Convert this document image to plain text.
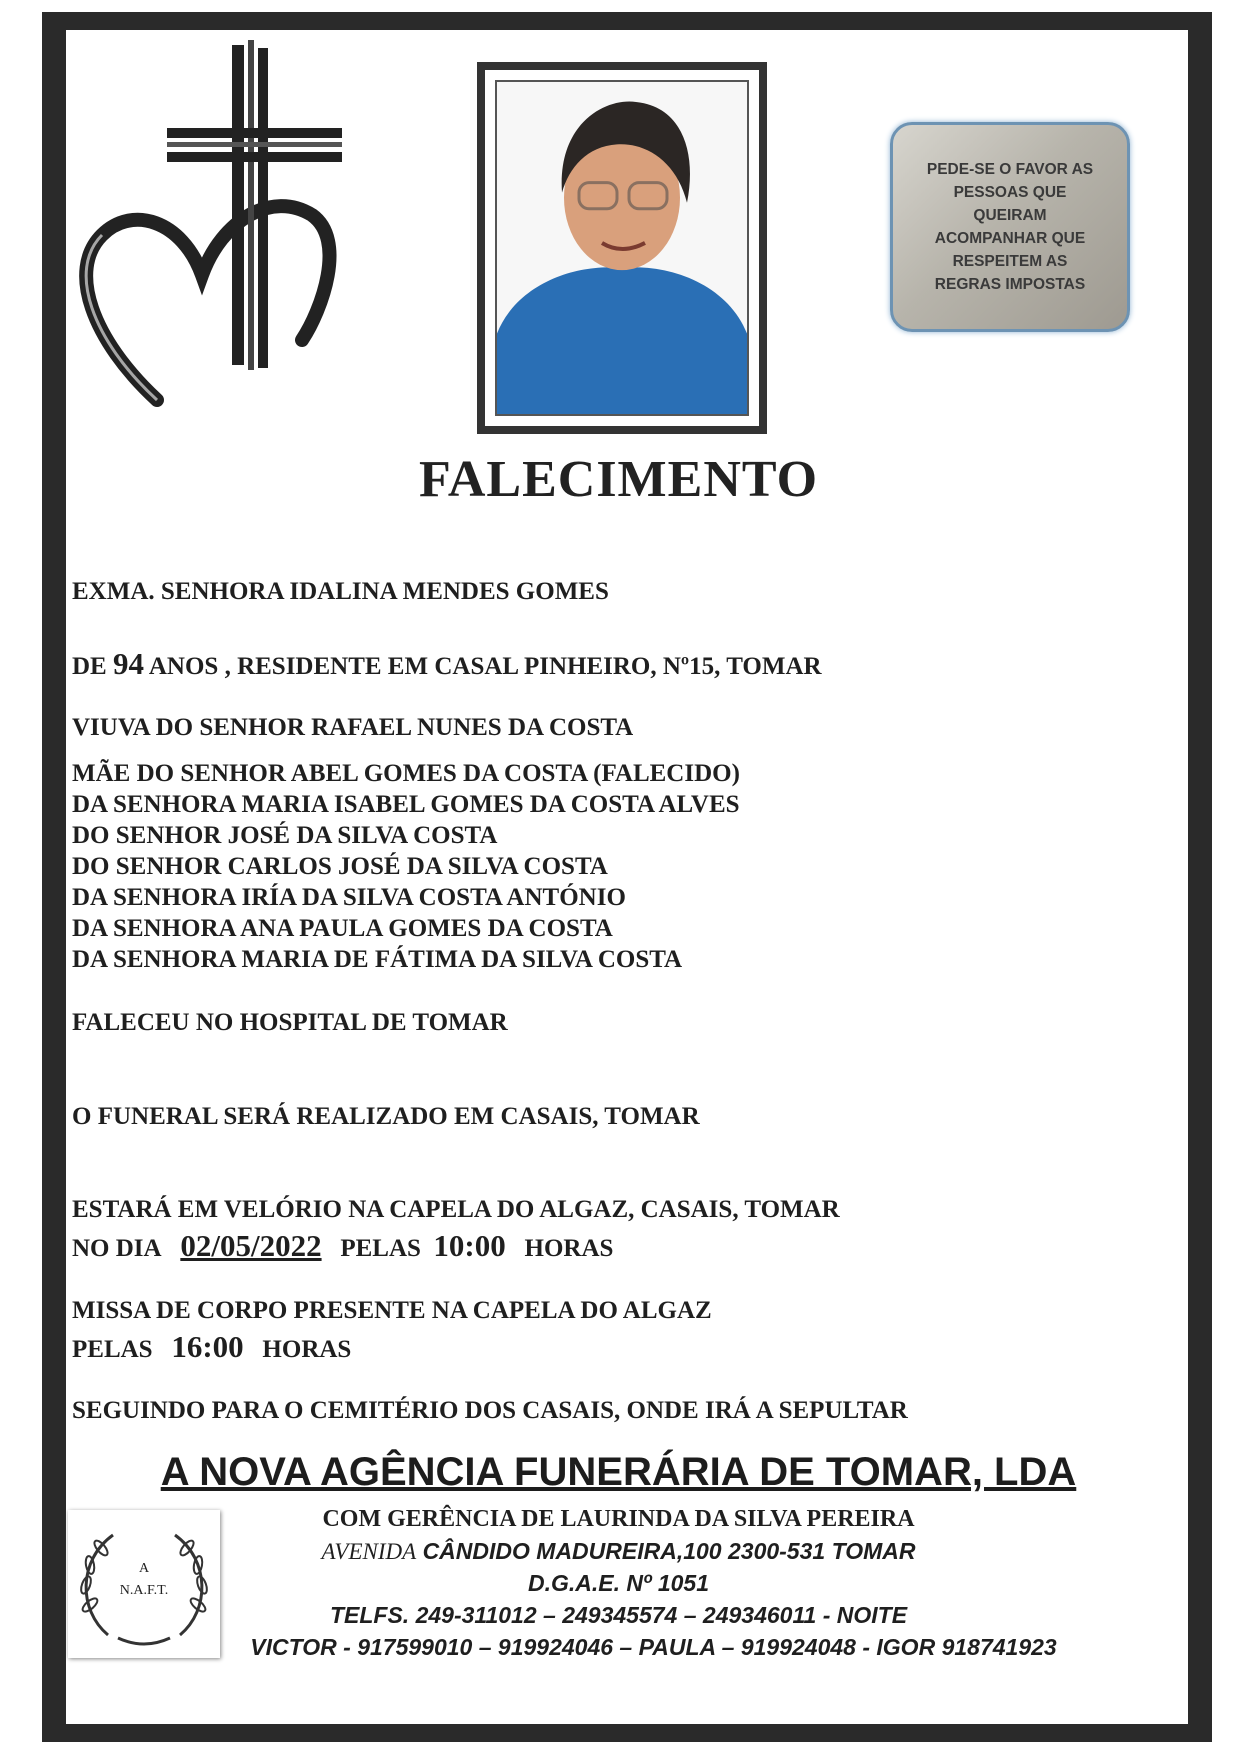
PEDE-SE O FAVOR AS
PESSOAS QUE
QUEIRAM
ACOMPANHAR QUE
RESPEITEM AS
REGRAS IMPOSTAS
FALECIMENTO
EXMA. SENHORA IDALINA MENDES GOMES
DE 94 ANOS , RESIDENTE EM CASAL PINHEIRO, Nº15, TOMAR
VIUVA DO SENHOR RAFAEL NUNES DA COSTA
MÃE DO SENHOR ABEL GOMES DA COSTA (FALECIDO)
DA SENHORA MARIA ISABEL GOMES DA COSTA ALVES
DO SENHOR JOSÉ DA SILVA COSTA
DO SENHOR CARLOS JOSÉ DA SILVA COSTA
DA SENHORA IRÍA DA SILVA COSTA ANTÓNIO
DA SENHORA ANA PAULA GOMES DA COSTA
DA SENHORA MARIA DE FÁTIMA DA SILVA COSTA
FALECEU NO HOSPITAL DE TOMAR
O FUNERAL SERÁ REALIZADO EM CASAIS, TOMAR
ESTARÁ EM VELÓRIO NA CAPELA DO ALGAZ, CASAIS, TOMAR
NO DIA 02/05/2022 PELAS 10:00 HORAS
MISSA DE CORPO PRESENTE NA CAPELA DO ALGAZ
PELAS 16:00 HORAS
SEGUINDO PARA O CEMITÉRIO DOS CASAIS, ONDE IRÁ A SEPULTAR
A NOVA AGÊNCIA FUNERÁRIA DE TOMAR, LDA
A
N.A.F.T.
COM GERÊNCIA DE LAURINDA DA SILVA PEREIRA
AVENIDA CÂNDIDO MADUREIRA,100 2300-531 TOMAR
D.G.A.E. Nº 1051
TELFS. 249-311012 – 249345574 – 249346011 - NOITE
VICTOR - 917599010 – 919924046 – PAULA – 919924048 - IGOR 918741923
